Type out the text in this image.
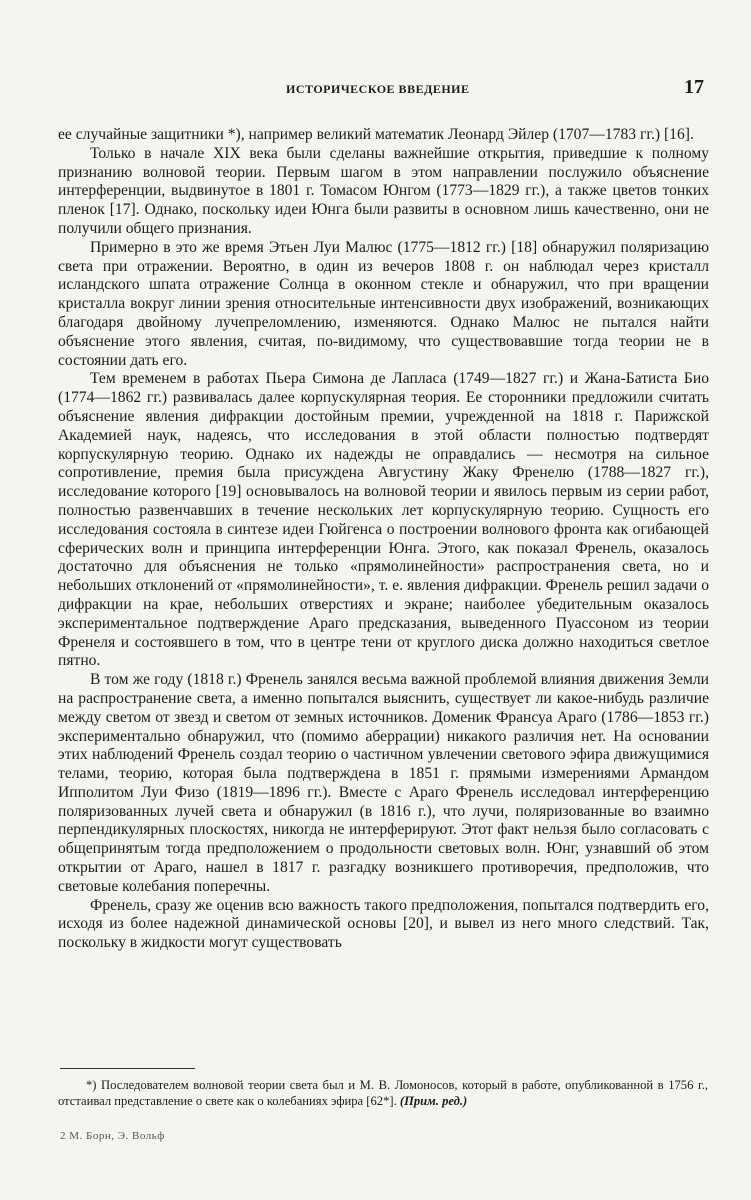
ИСТОРИЧЕСКОЕ ВВЕДЕНИЕ	17

ее случайные защитники *), например великий математик Леонард Эйлер (1707—1783 гг.) [16].

Только в начале XIX века были сделаны важнейшие открытия, приведшие к полному признанию волновой теории. Первым шагом в этом направлении послужило объяснение интерференции, выдвинутое в 1801 г. Томасом Юнгом (1773—1829 гг.), а также цветов тонких пленок [17]. Однако, поскольку идеи Юнга были развиты в основном лишь качественно, они не получили общего признания.

Примерно в это же время Этьен Луи Малюс (1775—1812 гг.) [18] обнаружил поляризацию света при отражении. Вероятно, в один из вечеров 1808 г. он наблюдал через кристалл исландского шпата отражение Солнца в оконном стекле и обнаружил, что при вращении кристалла вокруг линии зрения относительные интенсивности двух изображений, возникающих благодаря двойному лучепреломлению, изменяются. Однако Малюс не пытался найти объяснение этого явления, считая, по-видимому, что существовавшие тогда теории не в состоянии дать его.

Тем временем в работах Пьера Симона де Лапласа (1749—1827 гг.) и Жана-Батиста Био (1774—1862 гг.) развивалась далее корпускулярная теория. Ее сторонники предложили считать объяснение явления дифракции достойным премии, учрежденной на 1818 г. Парижской Академией наук, надеясь, что исследования в этой области полностью подтвердят корпускулярную теорию. Однако их надежды не оправдались — несмотря на сильное сопротивление, премия была присуждена Августину Жаку Френелю (1788—1827 гг.), исследование которого [19] основывалось на волновой теории и явилось первым из серии работ, полностью развенчавших в течение нескольких лет корпускулярную теорию. Сущность его исследования состояла в синтезе идеи Гюйгенса о построении волнового фронта как огибающей сферических волн и принципа интерференции Юнга. Этого, как показал Френель, оказалось достаточно для объяснения не только «прямолинейности» распространения света, но и небольших отклонений от «прямолинейности», т. е. явления дифракции. Френель решил задачи о дифракции на крае, небольших отверстиях и экране; наиболее убедительным оказалось экспериментальное подтверждение Араго предсказания, выведенного Пуассоном из теории Френеля и состоявшего в том, что в центре тени от круглого диска должно находиться светлое пятно.

В том же году (1818 г.) Френель занялся весьма важной проблемой влияния движения Земли на распространение света, а именно попытался выяснить, существует ли какое-нибудь различие между светом от звезд и светом от земных источников. Доменик Франсуа Араго (1786—1853 гг.) экспериментально обнаружил, что (помимо аберрации) никакого различия нет. На основании этих наблюдений Френель создал теорию о частичном увлечении светового эфира движущимися телами, теорию, которая была подтверждена в 1851 г. прямыми измерениями Армандом Ипполитом Луи Физо (1819—1896 гг.). Вместе с Араго Френель исследовал интерференцию поляризованных лучей света и обнаружил (в 1816 г.), что лучи, поляризованные во взаимно перпендикулярных плоскостях, никогда не интерферируют. Этот факт нельзя было согласовать с общепринятым тогда предположением о продольности световых волн. Юнг, узнавший об этом открытии от Араго, нашел в 1817 г. разгадку возникшего противоречия, предположив, что световые колебания поперечны.

Френель, сразу же оценив всю важность такого предположения, попытался подтвердить его, исходя из более надежной динамической основы [20], и вывел из него много следствий. Так, поскольку в жидкости могут существовать

*) Последователем волновой теории света был и М. В. Ломоносов, который в работе, опубликованной в 1756 г., отстаивал представление о свете как о колебаниях эфира [62*]. (Прим. ред.)
2 М. Борн, Э. Вольф
